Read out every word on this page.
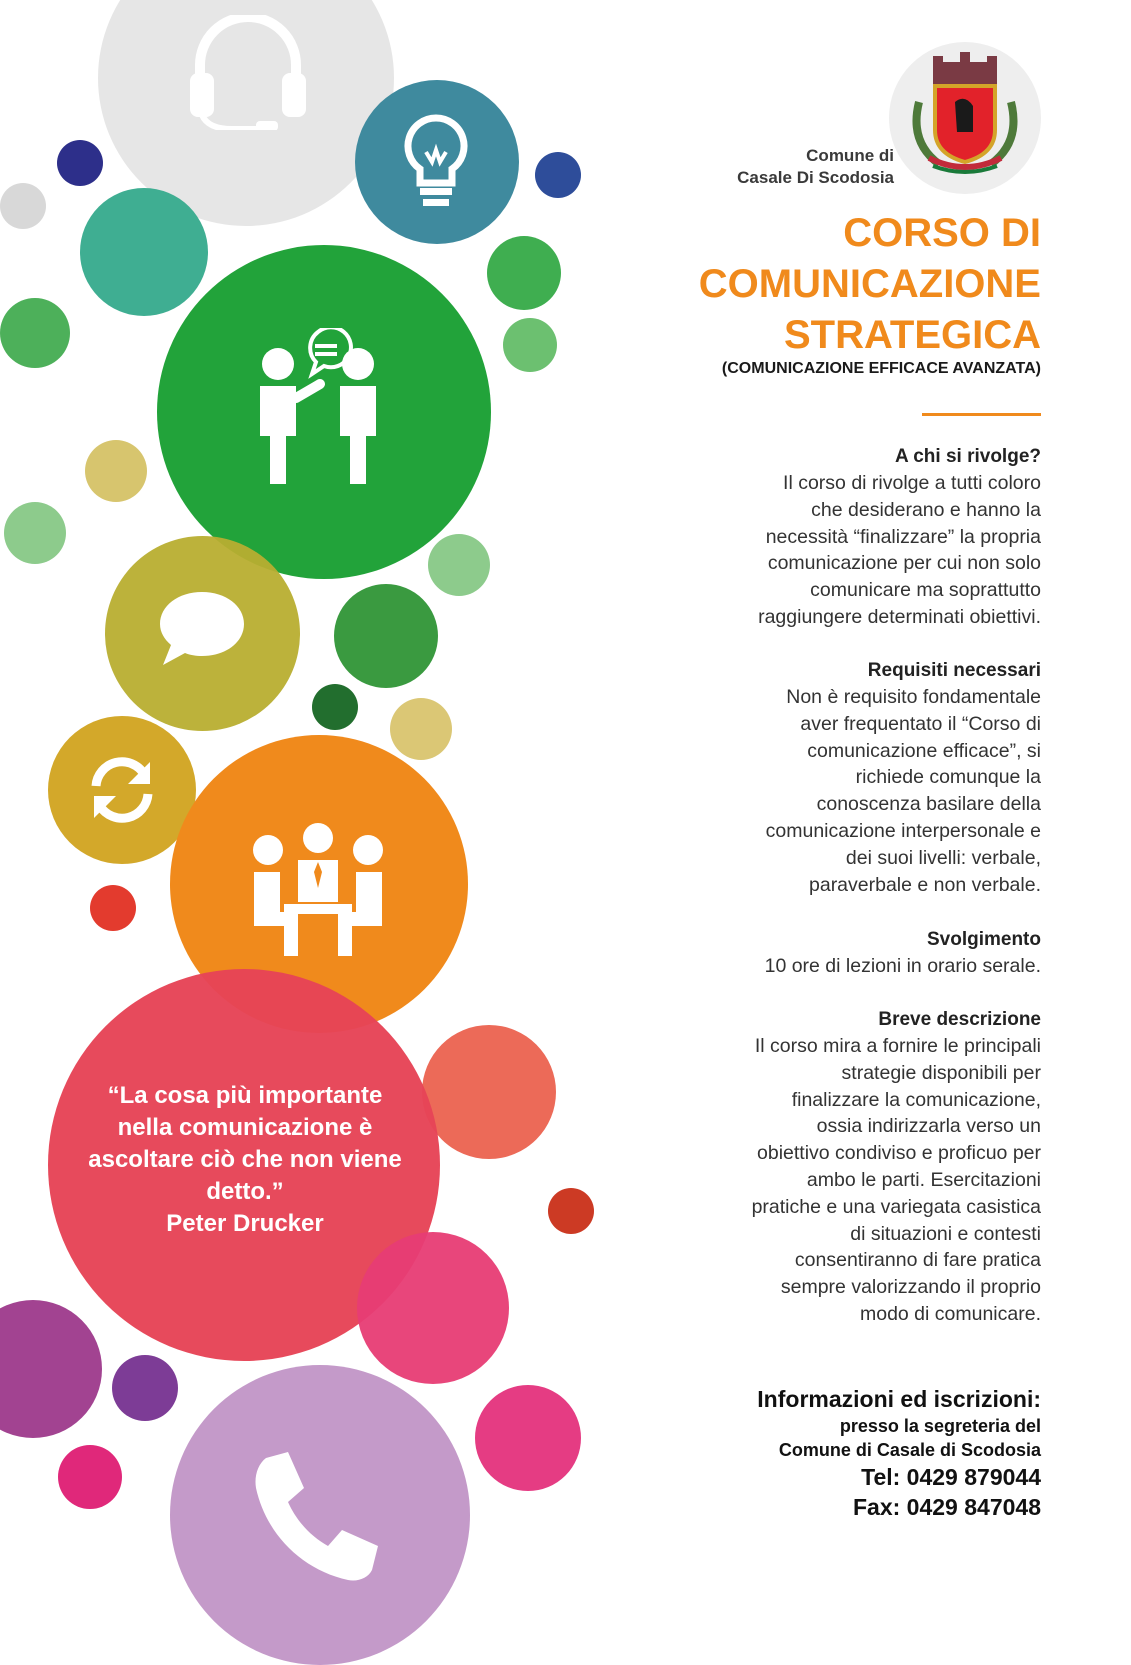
“La cosa più importante nella comunicazione è ascoltare ciò che non viene detto.”

Peter Drucker
Comune di
Casale Di Scodosia
CORSO DI
COMUNICAZIONE
STRATEGICA
(COMUNICAZIONE EFFICACE AVANZATA)
A chi si rivolge?

Il corso di rivolge a tutti coloro
che desiderano e hanno la
necessità “finalizzare” la propria
comunicazione per cui non solo
comunicare ma soprattutto
raggiungere determinati obiettivi.

Requisiti necessari

Non è requisito fondamentale
aver frequentato il “Corso di
comunicazione efficace”, si
richiede comunque la
conoscenza basilare della
comunicazione interpersonale e
dei suoi livelli: verbale,
paraverbale e non verbale.

Svolgimento

10 ore di lezioni in orario serale.

Breve descrizione

Il corso mira a fornire le principali
strategie disponibili per
finalizzare la comunicazione,
ossia indirizzarla verso un
obiettivo condiviso e proficuo per
ambo le parti. Esercitazioni
pratiche e una variegata casistica
di situazioni e contesti
consentiranno di fare pratica
sempre valorizzando il proprio
modo di comunicare.

Informazioni ed iscrizioni:
presso la segreteria del
Comune di Casale di Scodosia
Tel: 0429 879044
Fax: 0429 847048
